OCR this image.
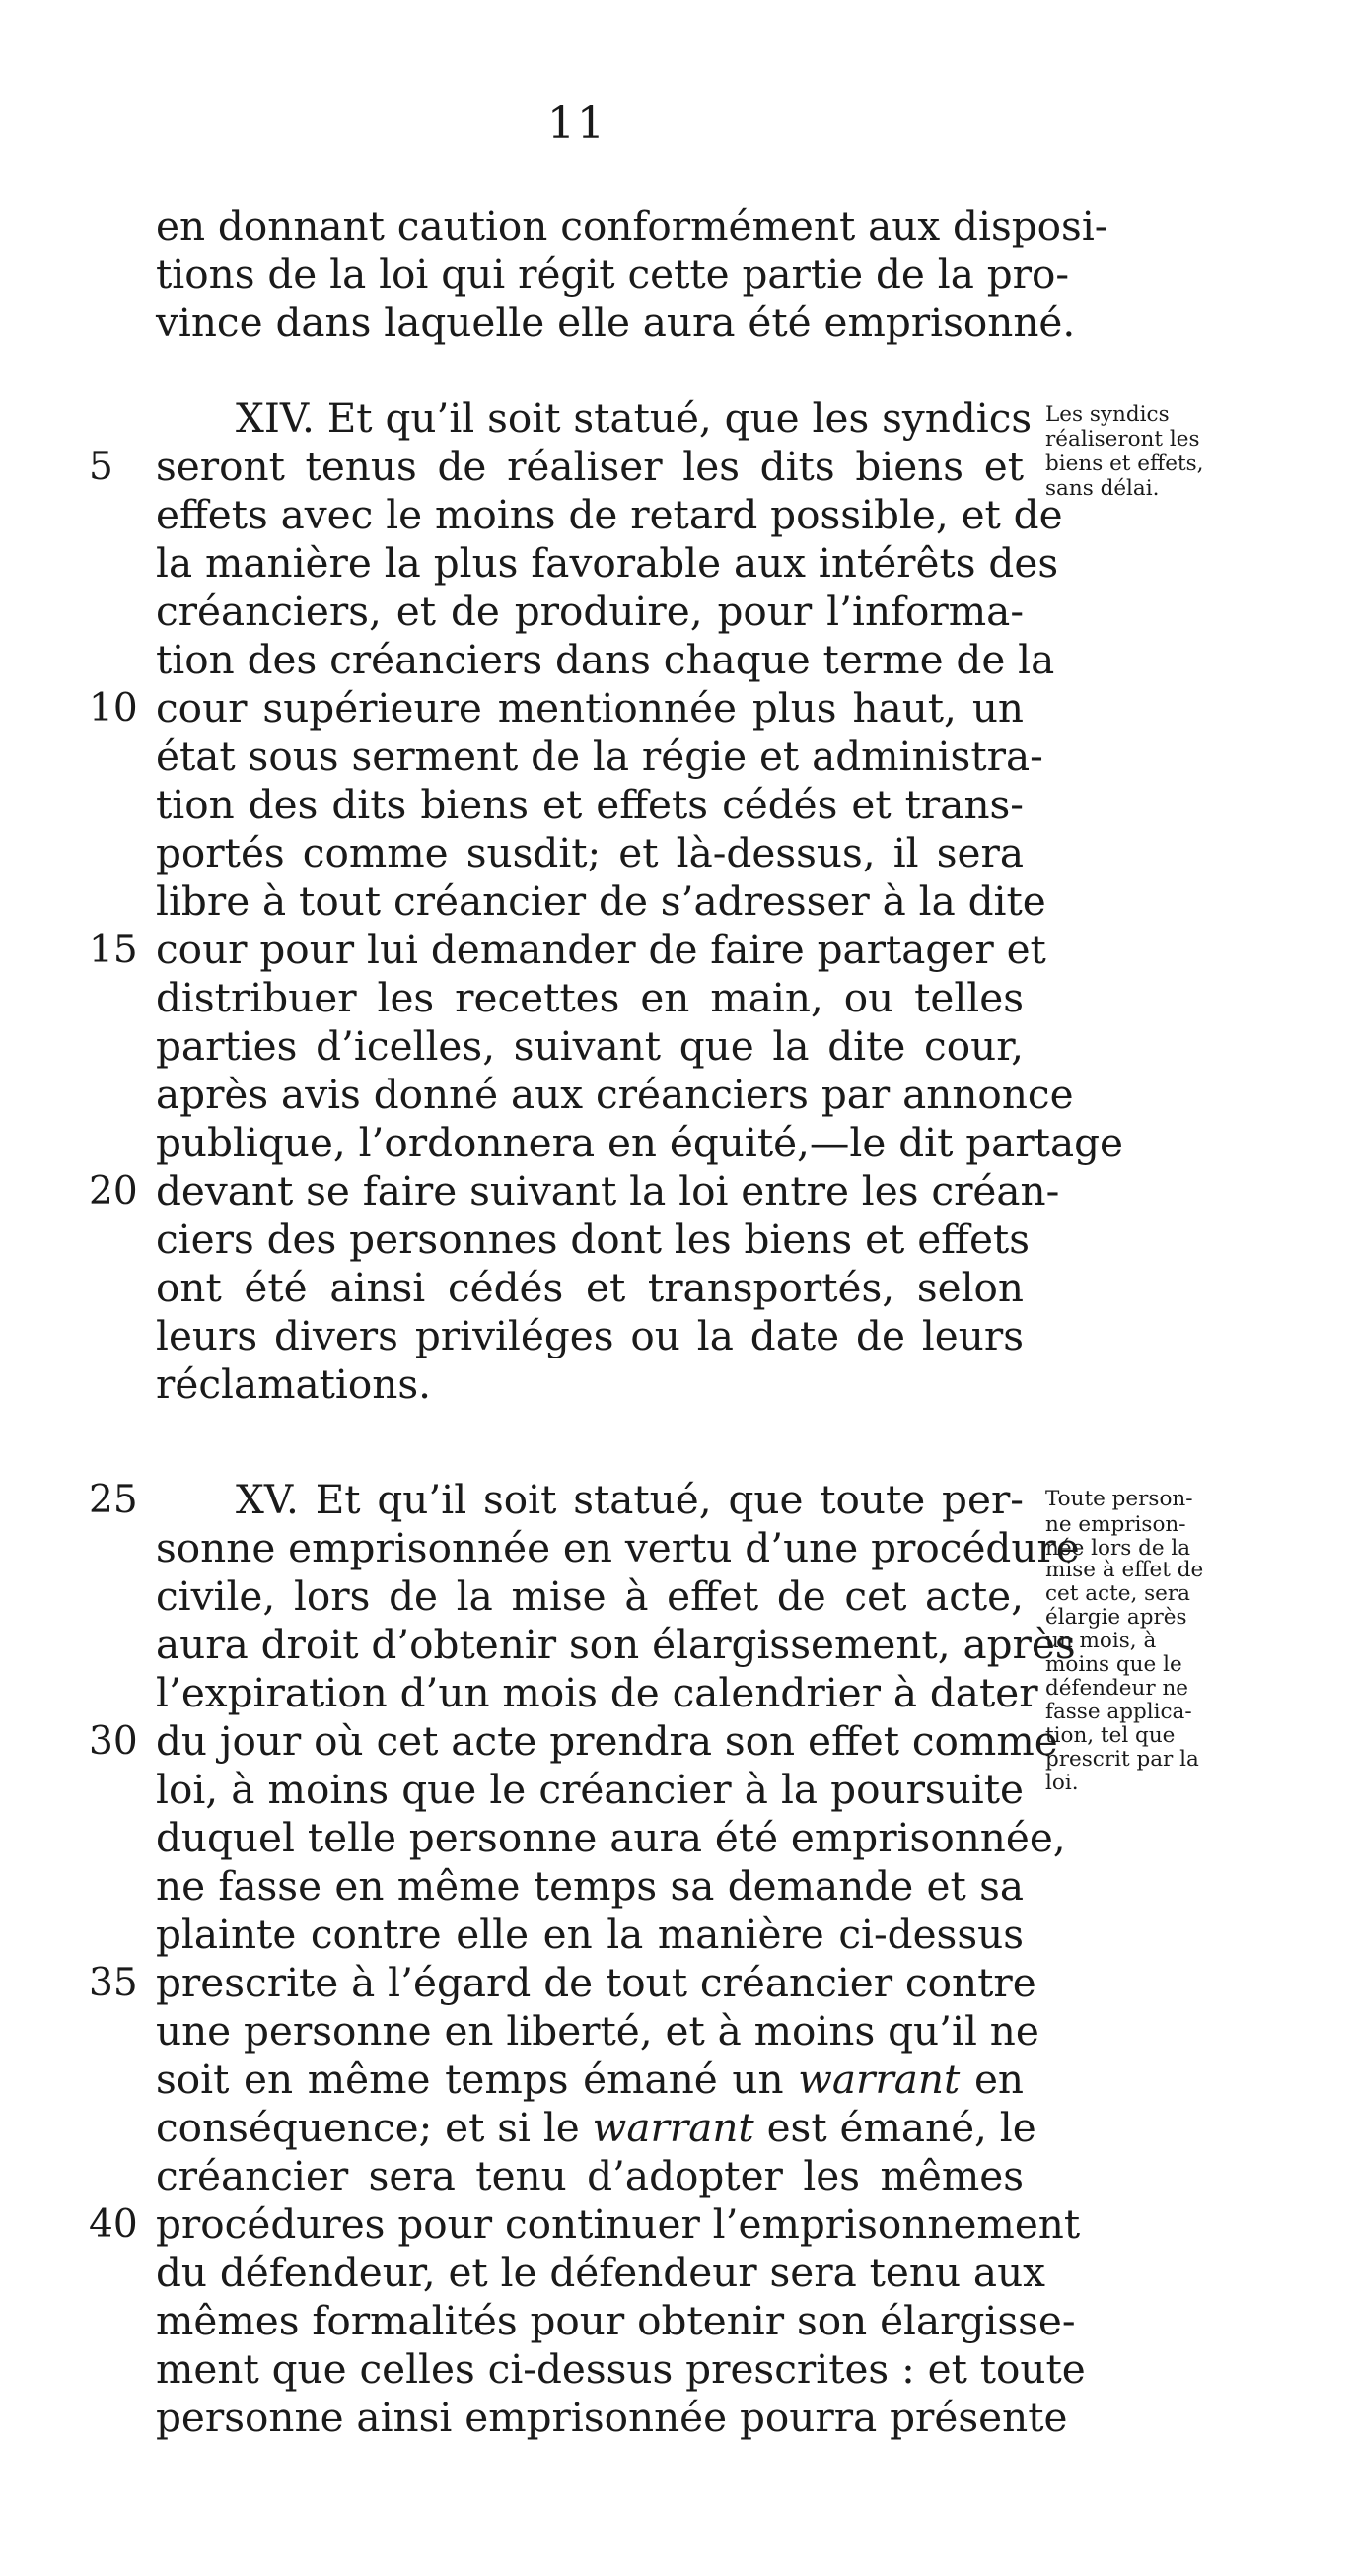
11
en donnant caution conformément aux disposi-
tions de la loi qui régit cette partie de la pro-
vince dans laquelle elle aura été emprisonné.
  XIV. Et qu’il soit statué, que les syndics
seront tenus de réaliser les dits biens et
5
effets avec le moins de retard possible, et de
la manière la plus favorable aux intérêts des
créanciers, et de produire, pour l’informa-
tion des créanciers dans chaque terme de la
cour supérieure mentionnée plus haut, un
10
état sous serment de la régie et administra-
tion des dits biens et effets cédés et trans-
portés comme susdit; et là-dessus, il sera
libre à tout créancier de s’adresser à la dite
cour pour lui demander de faire partager et
15
distribuer les recettes en main, ou telles
parties d’icelles, suivant que la dite cour,
après avis donné aux créanciers par annonce
publique, l’ordonnera en équité,—le dit partage
devant se faire suivant la loi entre les créan-
20
ciers des personnes dont les biens et effets
ont été ainsi cédés et transportés, selon
leurs divers priviléges ou la date de leurs
réclamations.
  XV. Et qu’il soit statué, que toute per-
25
sonne emprisonnée en vertu d’une procédure
civile, lors de la mise à effet de cet acte,
aura droit d’obtenir son élargissement, après
l’expiration d’un mois de calendrier à dater
du jour où cet acte prendra son effet comme
30
loi, à moins que le créancier à la poursuite
duquel telle personne aura été emprisonnée,
ne fasse en même temps sa demande et sa
plainte contre elle en la manière ci-dessus
prescrite à l’égard de tout créancier contre
35
une personne en liberté, et à moins qu’il ne
soit en même temps émané un warrant en
conséquence; et si le warrant est émané, le
créancier sera tenu d’adopter les mêmes
procédures pour continuer l’emprisonnement
40
du défendeur, et le défendeur sera tenu aux
mêmes formalités pour obtenir son élargisse-
ment que celles ci-dessus prescrites : et toute
personne ainsi emprisonnée pourra présente
Les syndics
réaliseront les
biens et effets,
sans délai.
Toute person-
ne emprison-
née lors de la
mise à effet de
cet acte, sera
élargie après
un mois, à
moins que le
défendeur ne
fasse applica-
tion, tel que
prescrit par la
loi.
